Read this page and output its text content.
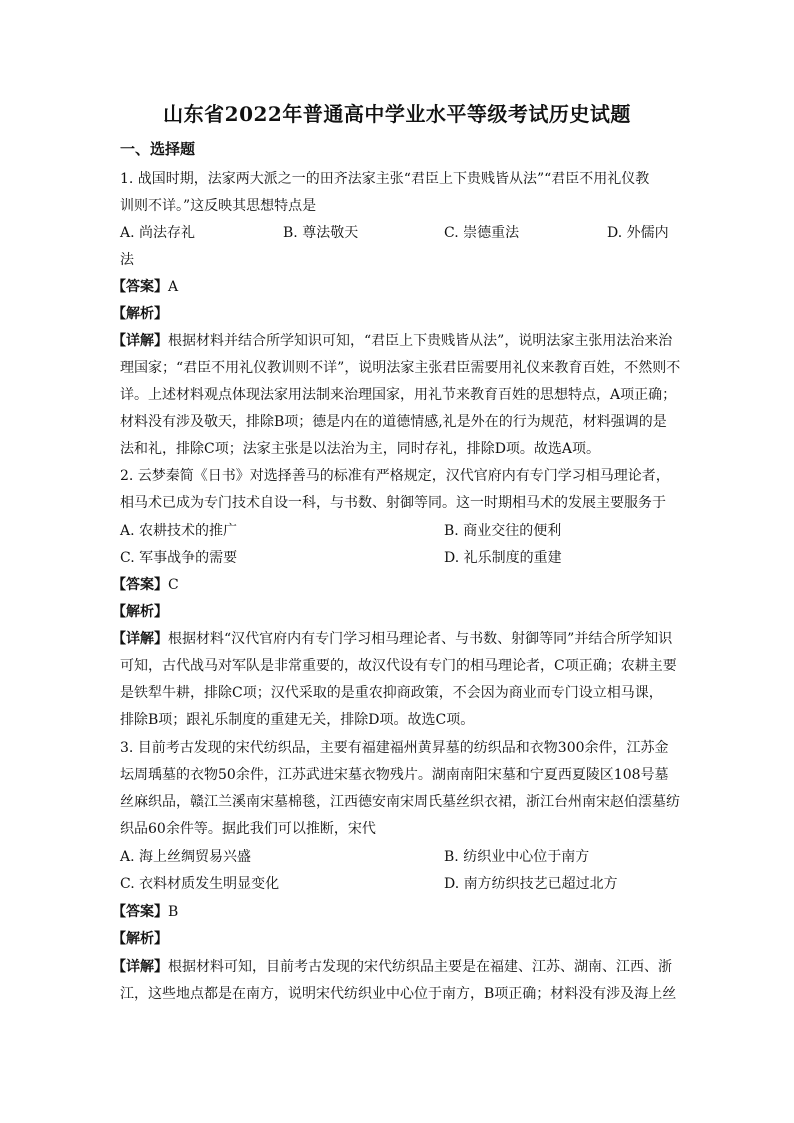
山东省2022年普通高中学业水平等级考试历史试题
一、选择题
1. 战国时期，法家两大派之一的田齐法家主张“君臣上下贵贱皆从法”“君臣不用礼仪教
训则不详。”这反映其思想特点是
A. 尚法存礼	B. 尊法敬天	C. 崇德重法	D. 外儒内
法
【答案】A
【解析】
【详解】根据材料并结合所学知识可知，“君臣上下贵贱皆从法”，说明法家主张用法治来治
理国家；“君臣不用礼仪教训则不详”，说明法家主张君臣需要用礼仪来教育百姓，不然则不
详。上述材料观点体现法家用法制来治理国家，用礼节来教育百姓的思想特点，A项正确；
材料没有涉及敬天，排除B项；德是内在的道德情感,礼是外在的行为规范，材料强调的是
法和礼，排除C项；法家主张是以法治为主，同时存礼，排除D项。故选A项。
2. 云梦秦简《日书》对选择善马的标准有严格规定，汉代官府内有专门学习相马理论者，
相马术已成为专门技术自设一科，与书数、射御等同。这一时期相马术的发展主要服务于
A. 农耕技术的推广	B. 商业交往的便利
C. 军事战争的需要	D. 礼乐制度的重建
【答案】C
【解析】
【详解】根据材料“汉代官府内有专门学习相马理论者、与书数、射御等同”并结合所学知识
可知，古代战马对军队是非常重要的，故汉代设有专门的相马理论者，C项正确；农耕主要
是铁犁牛耕，排除C项；汉代采取的是重农抑商政策，不会因为商业而专门设立相马课，
排除B项；跟礼乐制度的重建无关，排除D项。故选C项。
3. 目前考古发现的宋代纺织品，主要有福建福州黄昇墓的纺织品和衣物300余件，江苏金
坛周瑀墓的衣物50余件，江苏武进宋墓衣物残片。湖南南阳宋墓和宁夏西夏陵区108号墓
丝麻织品，赣江兰溪南宋墓棉毯，江西德安南宋周氏墓丝织衣裙，浙江台州南宋赵伯澐墓纺
织品60余件等。据此我们可以推断，宋代
A. 海上丝绸贸易兴盛	B. 纺织业中心位于南方
C. 衣料材质发生明显变化	D. 南方纺织技艺已超过北方
【答案】B
【解析】
【详解】根据材料可知，目前考古发现的宋代纺织品主要是在福建、江苏、湖南、江西、浙
江，这些地点都是在南方，说明宋代纺织业中心位于南方，B项正确；材料没有涉及海上丝
